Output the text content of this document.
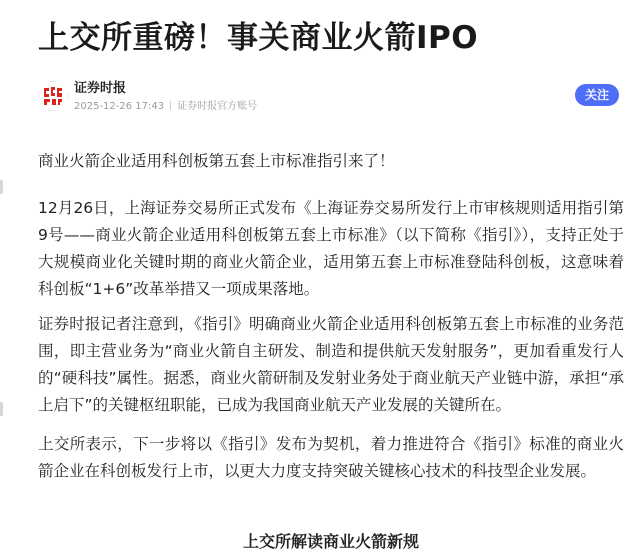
上交所重磅！事关商业火箭IPO
证券时报
2025-12-26 17:43 证券时报官方账号
关注

商业火箭企业适用科创板第五套上市标准指引来了！

12月26日，上海证券交易所正式发布《上海证券交易所发行上市审核规则适用指引第9号——商业火箭企业适用科创板第五套上市标准》（以下简称《指引》），支持正处于大规模商业化关键时期的商业火箭企业，适用第五套上市标准登陆科创板，这意味着科创板“1+6”改革举措又一项成果落地。

证券时报记者注意到，《指引》明确商业火箭企业适用科创板第五套上市标准的业务范围，即主营业务为“商业火箭自主研发、制造和提供航天发射服务”，更加看重发行人的“硬科技”属性。据悉，商业火箭研制及发射业务处于商业航天产业链中游，承担“承上启下”的关键枢纽职能，已成为我国商业航天产业发展的关键所在。

上交所表示，下一步将以《指引》发布为契机，着力推进符合《指引》标准的商业火箭企业在科创板发行上市，以更大力度支持突破关键核心技术的科技型企业发展。

上交所解读商业火箭新规
